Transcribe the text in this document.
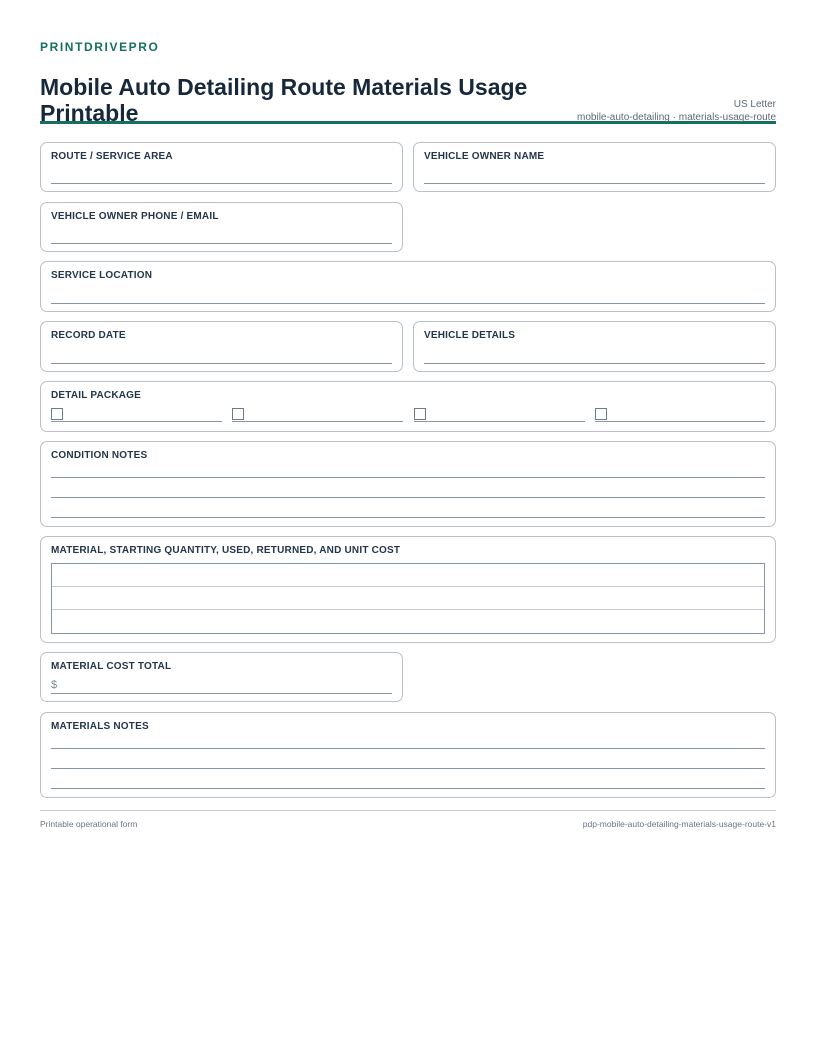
PRINTDRIVEPRO
Mobile Auto Detailing Route Materials Usage Printable	US Letter
mobile-auto-detailing · materials-usage-route
ROUTE / SERVICE AREA	VEHICLE OWNER NAME
VEHICLE OWNER PHONE / EMAIL
SERVICE LOCATION
RECORD DATE	VEHICLE DETAILS
DETAIL PACKAGE
CONDITION NOTES
MATERIAL, STARTING QUANTITY, USED, RETURNED, AND UNIT COST
MATERIAL COST TOTAL
$
MATERIALS NOTES
Printable operational form	pdp-mobile-auto-detailing-materials-usage-route-v1
